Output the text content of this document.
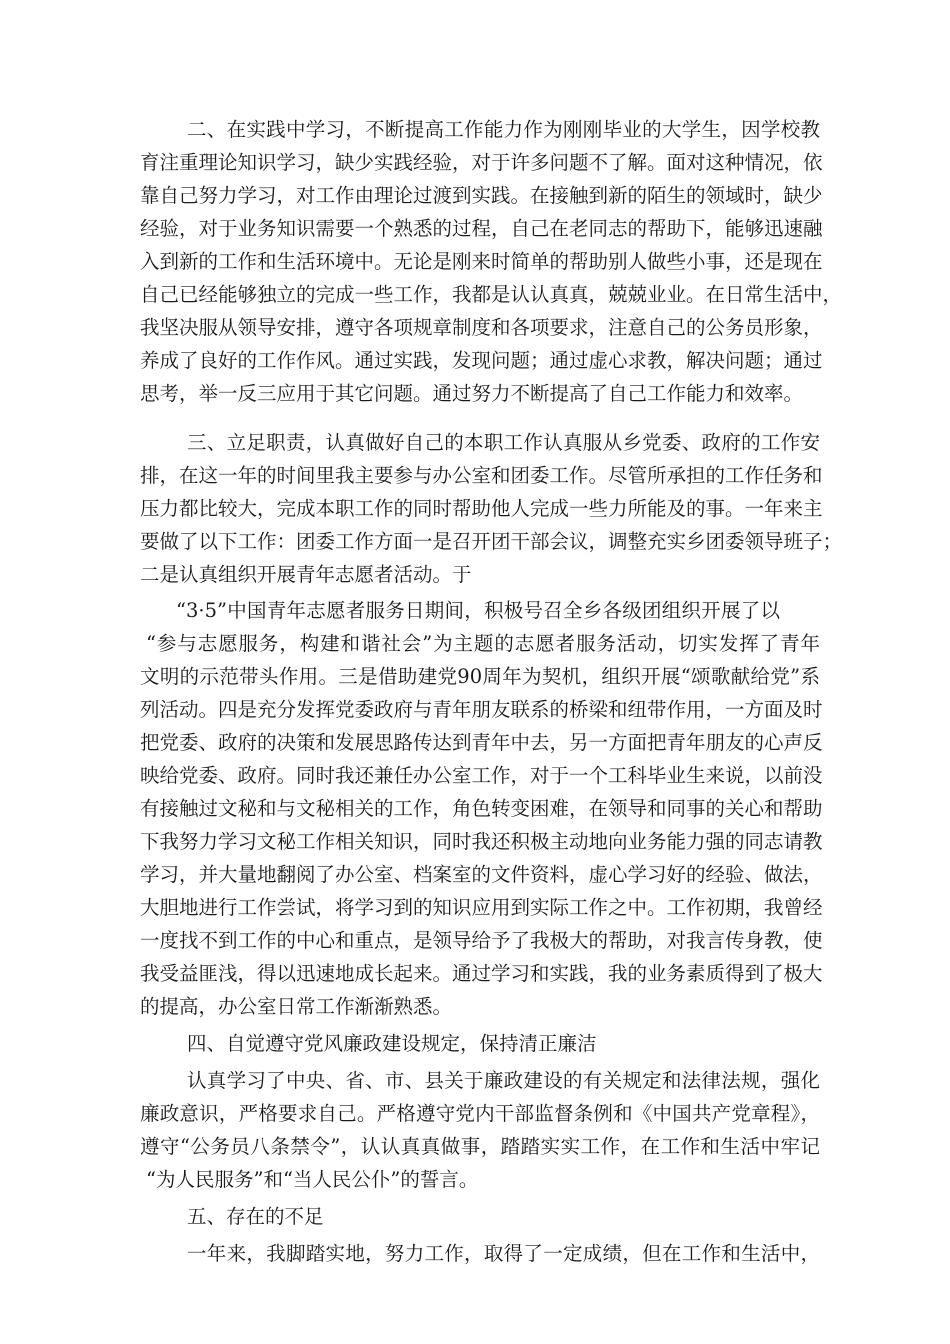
二、在实践中学习，不断提高工作能力作为刚刚毕业的大学生，因学校教
育注重理论知识学习，缺少实践经验，对于许多问题不了解。面对这种情况，依
靠自己努力学习，对工作由理论过渡到实践。在接触到新的陌生的领域时，缺少
经验，对于业务知识需要一个熟悉的过程，自己在老同志的帮助下，能够迅速融
入到新的工作和生活环境中。无论是刚来时简单的帮助别人做些小事，还是现在
自己已经能够独立的完成一些工作，我都是认认真真，兢兢业业。在日常生活中，
我坚决服从领导安排，遵守各项规章制度和各项要求，注意自己的公务员形象，
养成了良好的工作作风。通过实践，发现问题；通过虚心求教，解决问题；通过
思考，举一反三应用于其它问题。通过努力不断提高了自己工作能力和效率。
三、立足职责，认真做好自己的本职工作认真服从乡党委、政府的工作安
排，在这一年的时间里我主要参与办公室和团委工作。尽管所承担的工作任务和
压力都比较大，完成本职工作的同时帮助他人完成一些力所能及的事。一年来主
要做了以下工作：团委工作方面一是召开团干部会议，调整充实乡团委领导班子；
二是认真组织开展青年志愿者活动。于
“3·5”中国青年志愿者服务日期间，积极号召全乡各级团组织开展了以
“参与志愿服务，构建和谐社会”为主题的志愿者服务活动，切实发挥了青年
文明的示范带头作用。三是借助建党90周年为契机，组织开展“颂歌献给党”系
列活动。四是充分发挥党委政府与青年朋友联系的桥梁和纽带作用，一方面及时
把党委、政府的决策和发展思路传达到青年中去，另一方面把青年朋友的心声反
映给党委、政府。同时我还兼任办公室工作，对于一个工科毕业生来说，以前没
有接触过文秘和与文秘相关的工作，角色转变困难，在领导和同事的关心和帮助
下我努力学习文秘工作相关知识，同时我还积极主动地向业务能力强的同志请教
学习，并大量地翻阅了办公室、档案室的文件资料，虚心学习好的经验、做法，
大胆地进行工作尝试，将学习到的知识应用到实际工作之中。工作初期，我曾经
一度找不到工作的中心和重点，是领导给予了我极大的帮助，对我言传身教，使
我受益匪浅，得以迅速地成长起来。通过学习和实践，我的业务素质得到了极大
的提高，办公室日常工作渐渐熟悉。
四、自觉遵守党风廉政建设规定，保持清正廉洁
认真学习了中央、省、市、县关于廉政建设的有关规定和法律法规，强化
廉政意识，严格要求自己。严格遵守党内干部监督条例和《中国共产党章程》，
遵守“公务员八条禁令”，认认真真做事，踏踏实实工作，在工作和生活中牢记
“为人民服务”和“当人民公仆”的誓言。
五、存在的不足
一年来，我脚踏实地，努力工作，取得了一定成绩，但在工作和生活中，
